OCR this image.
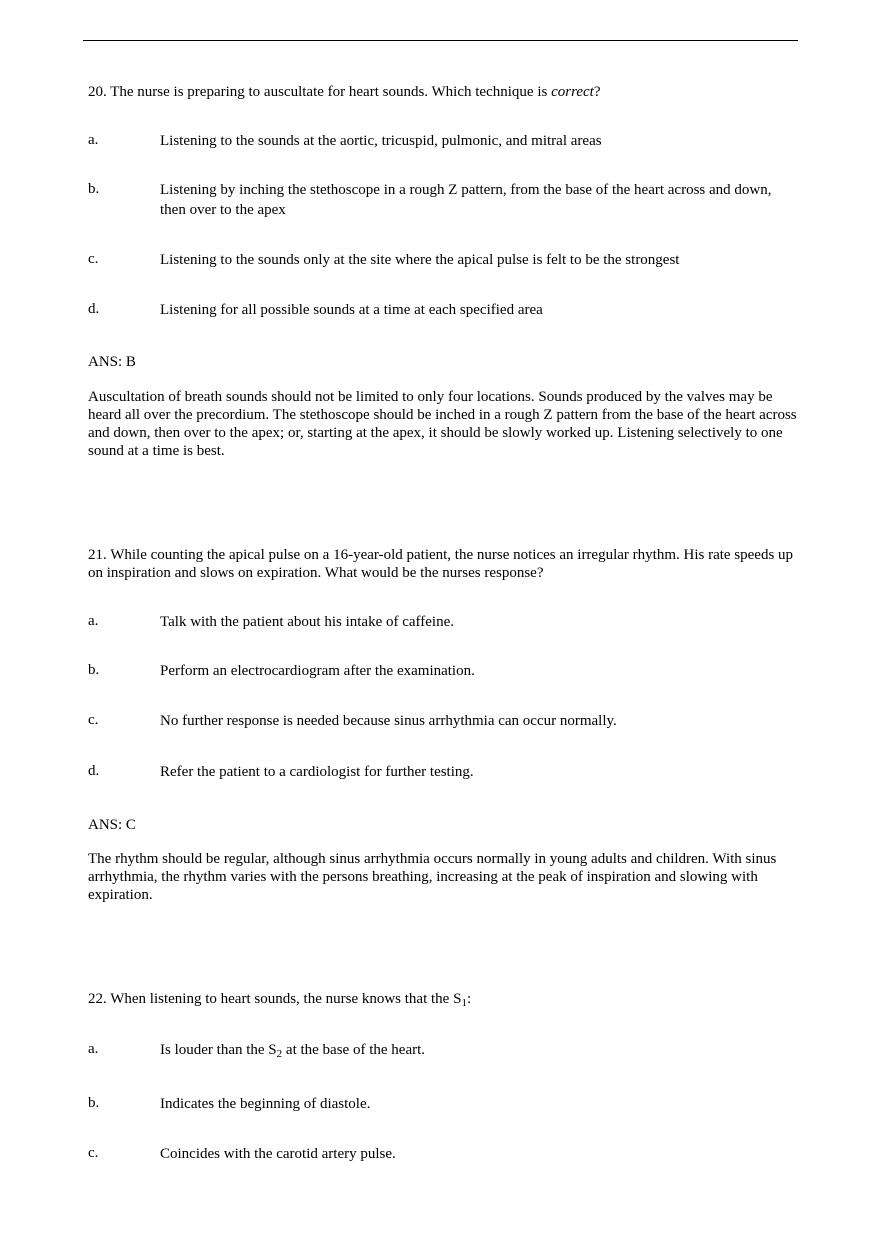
20. The nurse is preparing to auscultate for heart sounds. Which technique is correct?
a.	Listening to the sounds at the aortic, tricuspid, pulmonic, and mitral areas
b.	Listening by inching the stethoscope in a rough Z pattern, from the base of the heart across and down, then over to the apex
c.	Listening to the sounds only at the site where the apical pulse is felt to be the strongest
d.	Listening for all possible sounds at a time at each specified area
ANS: B
Auscultation of breath sounds should not be limited to only four locations. Sounds produced by the valves may be heard all over the precordium. The stethoscope should be inched in a rough Z pattern from the base of the heart across and down, then over to the apex; or, starting at the apex, it should be slowly worked up. Listening selectively to one sound at a time is best.
21. While counting the apical pulse on a 16-year-old patient, the nurse notices an irregular rhythm. His rate speeds up on inspiration and slows on expiration. What would be the nurses response?
a.	Talk with the patient about his intake of caffeine.
b.	Perform an electrocardiogram after the examination.
c.	No further response is needed because sinus arrhythmia can occur normally.
d.	Refer the patient to a cardiologist for further testing.
ANS: C
The rhythm should be regular, although sinus arrhythmia occurs normally in young adults and children. With sinus arrhythmia, the rhythm varies with the persons breathing, increasing at the peak of inspiration and slowing with expiration.
22. When listening to heart sounds, the nurse knows that the $S_1$:
a.	Is louder than the $S_2$ at the base of the heart.
b.	Indicates the beginning of diastole.
c.	Coincides with the carotid artery pulse.
